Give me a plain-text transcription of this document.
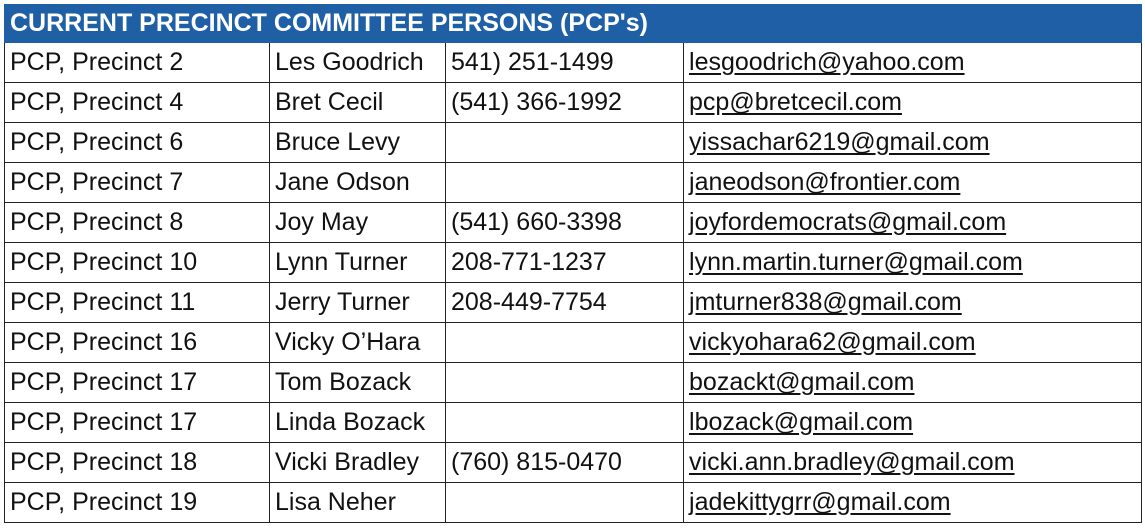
CURRENT PRECINCT COMMITTEE PERSONS (PCP's)			
PCP, Precinct 2	Les Goodrich	541) 251-1499	lesgoodrich@yahoo.com
PCP, Precinct 4	Bret Cecil	(541) 366-1992	pcp@bretcecil.com
PCP, Precinct 6	Bruce Levy		yissachar6219@gmail.com
PCP, Precinct 7	Jane Odson		janeodson@frontier.com
PCP, Precinct 8	Joy May	(541) 660-3398	joyfordemocrats@gmail.com
PCP, Precinct 10	Lynn Turner	208-771-1237	lynn.martin.turner@gmail.com
PCP, Precinct 11	Jerry Turner	208-449-7754	jmturner838@gmail.com
PCP, Precinct 16	Vicky O’Hara		vickyohara62@gmail.com
PCP, Precinct 17	Tom Bozack		bozackt@gmail.com
PCP, Precinct 17	Linda Bozack		lbozack@gmail.com
PCP, Precinct 18	Vicki Bradley	(760) 815-0470	vicki.ann.bradley@gmail.com
PCP, Precinct 19	Lisa Neher		jadekittygrr@gmail.com
